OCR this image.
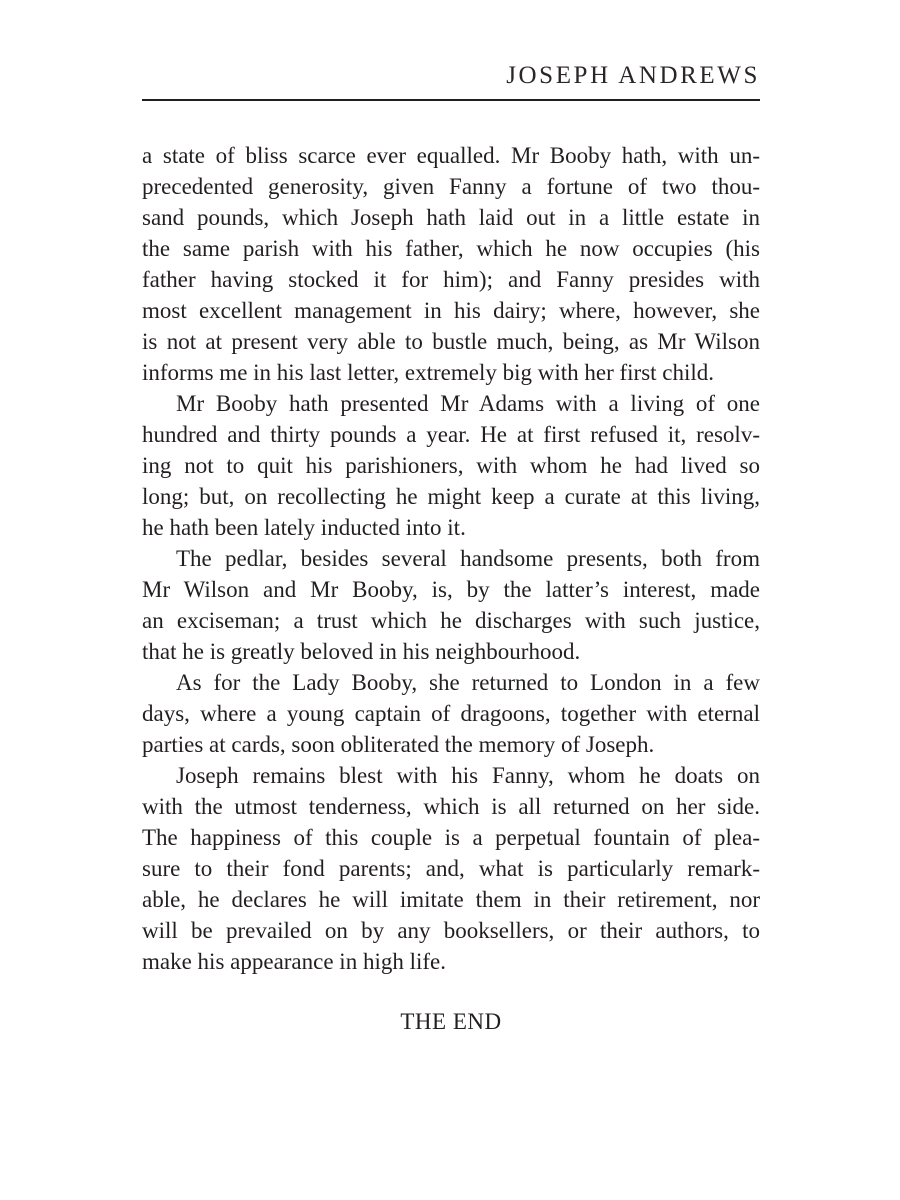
JOSEPH ANDREWS
a state of bliss scarce ever equalled. Mr Booby hath, with un-
precedented generosity, given Fanny a fortune of two thou-
sand pounds, which Joseph hath laid out in a little estate in
the same parish with his father, which he now occupies (his
father having stocked it for him); and Fanny presides with
most excellent management in his dairy; where, however, she
is not at present very able to bustle much, being, as Mr Wilson
informs me in his last letter, extremely big with her first child.
Mr Booby hath presented Mr Adams with a living of one
hundred and thirty pounds a year. He at first refused it, resolv-
ing not to quit his parishioners, with whom he had lived so
long; but, on recollecting he might keep a curate at this living,
he hath been lately inducted into it.
The pedlar, besides several handsome presents, both from
Mr Wilson and Mr Booby, is, by the latter’s interest, made
an exciseman; a trust which he discharges with such justice,
that he is greatly beloved in his neighbourhood.
As for the Lady Booby, she returned to London in a few
days, where a young captain of dragoons, together with eternal
parties at cards, soon obliterated the memory of Joseph.
Joseph remains blest with his Fanny, whom he doats on
with the utmost tenderness, which is all returned on her side.
The happiness of this couple is a perpetual fountain of plea-
sure to their fond parents; and, what is particularly remark-
able, he declares he will imitate them in their retirement, nor
will be prevailed on by any booksellers, or their authors, to
make his appearance in high life.
THE END
